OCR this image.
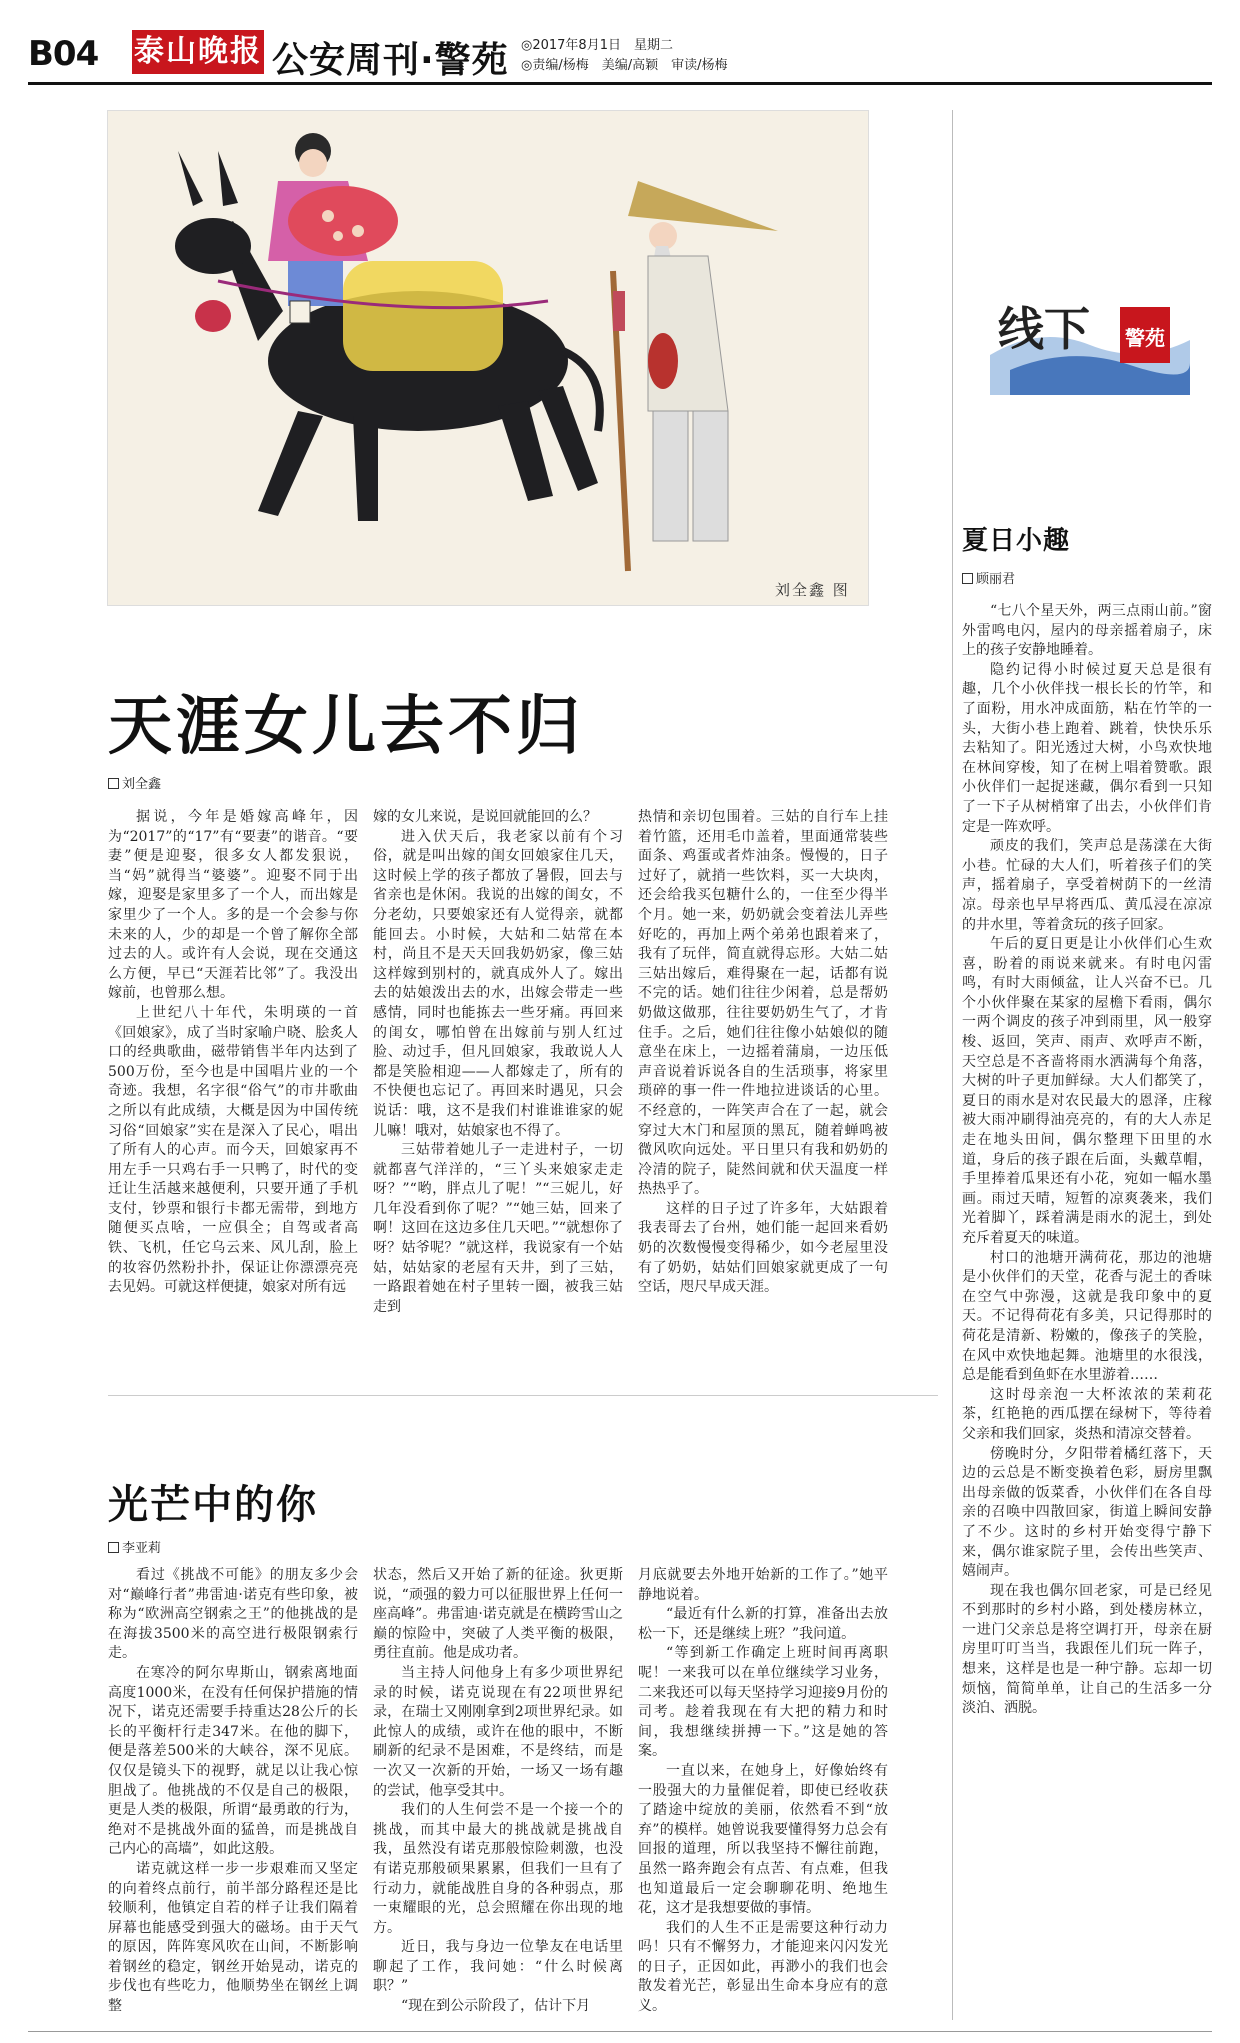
B04 泰山晚报 公安周刊·警苑 ◎2017年8月1日　星期二
◎责编/杨梅　美编/高颖　审读/杨梅
刘全鑫 图
天涯女儿去不归
刘全鑫

据说，今年是婚嫁高峰年，因为“2017”的“17”有“要妻”的谐音。“要妻”便是迎娶，很多女人都发狠说，当“妈”就得当“婆婆”。迎娶不同于出嫁，迎娶是家里多了一个人，而出嫁是家里少了一个人。多的是一个会参与你未来的人，少的却是一个曾了解你全部过去的人。或许有人会说，现在交通这么方便，早已“天涯若比邻”了。我没出嫁前，也曾那么想。

上世纪八十年代，朱明瑛的一首《回娘家》，成了当时家喻户晓、脍炙人口的经典歌曲，磁带销售半年内达到了500万份，至今也是中国唱片业的一个奇迹。我想，名字很“俗气”的市井歌曲之所以有此成绩，大概是因为中国传统习俗“回娘家”实在是深入了民心，唱出了所有人的心声。而今天，回娘家再不用左手一只鸡右手一只鸭了，时代的变迁让生活越来越便利，只要开通了手机支付，钞票和银行卡都无需带，到地方随便买点啥，一应俱全；自驾或者高铁、飞机，任它乌云来、风儿刮，脸上的妆容仍然粉扑扑，保证让你漂漂亮亮去见妈。可就这样便捷，娘家对所有远

嫁的女儿来说，是说回就能回的么？

进入伏天后，我老家以前有个习俗，就是叫出嫁的闺女回娘家住几天，这时候上学的孩子都放了暑假，回去与省亲也是休闲。我说的出嫁的闺女，不分老幼，只要娘家还有人觉得亲，就都能回去。小时候，大姑和二姑常在本村，尚且不是天天回我奶奶家，像三姑这样嫁到别村的，就真成外人了。嫁出去的姑娘泼出去的水，出嫁会带走一些感情，同时也能拣去一些牙痛。再回来的闺女，哪怕曾在出嫁前与别人红过脸、动过手，但凡回娘家，我敢说人人都是笑脸相迎——人都嫁走了，所有的不快便也忘记了。再回来时遇见，只会说话：哦，这不是我们村谁谁谁家的妮儿嘛！哦对，姑娘家也不得了。

三姑带着她儿子一走进村子，一切就都喜气洋洋的，“三丫头来娘家走走呀？”“哟，胖点儿了呢！”“三妮儿，好几年没看到你了呢？”“她三姑，回来了啊！这回在这边多住几天吧。”“就想你了呀？姑爷呢？”就这样，我说家有一个姑姑，姑姑家的老屋有天井，到了三姑，一路跟着她在村子里转一圈，被我三姑走到

热情和亲切包围着。三姑的自行车上挂着竹篮，还用毛巾盖着，里面通常装些面条、鸡蛋或者炸油条。慢慢的，日子过好了，就捎一些饮料，买一大块肉，还会给我买包糖什么的，一住至少得半个月。她一来，奶奶就会变着法儿弄些好吃的，再加上两个弟弟也跟着来了，我有了玩伴，简直就得忘形。大姑二姑三姑出嫁后，难得聚在一起，话都有说不完的话。她们往往少闲着，总是帮奶奶做这做那，往往要奶奶生气了，才肯住手。之后，她们往往像小姑娘似的随意坐在床上，一边摇着蒲扇，一边压低声音说着诉说各自的生活琐事，将家里琐碎的事一件一件地拉进谈话的心里。不经意的，一阵笑声合在了一起，就会穿过大木门和屋顶的黑瓦，随着蝉鸣被微风吹向远处。平日里只有我和奶奶的冷清的院子，陡然间就和伏天温度一样热热乎了。

这样的日子过了许多年，大姑跟着我表哥去了台州，她们能一起回来看奶奶的次数慢慢变得稀少，如今老屋里没有了奶奶，姑姑们回娘家就更成了一句空话，咫尺早成天涯。

光芒中的你
李亚莉

看过《挑战不可能》的朋友多少会对“巅峰行者”弗雷迪·诺克有些印象，被称为“欧洲高空钢索之王”的他挑战的是在海拔3500米的高空进行极限钢索行走。

在寒冷的阿尔卑斯山，钢索离地面高度1000米，在没有任何保护措施的情况下，诺克还需要手持重达28公斤的长长的平衡杆行走347米。在他的脚下，便是落差500米的大峡谷，深不见底。仅仅是镜头下的视野，就足以让我心惊胆战了。他挑战的不仅是自己的极限，更是人类的极限，所谓“最勇敢的行为，绝对不是挑战外面的猛兽，而是挑战自己内心的高墙”，如此这般。

诺克就这样一步一步艰难而又坚定的向着终点前行，前半部分路程还是比较顺利，他镇定自若的样子让我们隔着屏幕也能感受到强大的磁场。由于天气的原因，阵阵寒风吹在山间，不断影响着钢丝的稳定，钢丝开始晃动，诺克的步伐也有些吃力，他顺势坐在钢丝上调整

状态，然后又开始了新的征途。狄更斯说，“顽强的毅力可以征服世界上任何一座高峰”。弗雷迪·诺克就是在横跨雪山之巅的惊险中，突破了人类平衡的极限，勇往直前。他是成功者。

当主持人问他身上有多少项世界纪录的时候，诺克说现在有22项世界纪录，在瑞士又刚刚拿到2项世界纪录。如此惊人的成绩，或许在他的眼中，不断刷新的纪录不是困难，不是终结，而是一次又一次新的开始，一场又一场有趣的尝试，他享受其中。

我们的人生何尝不是一个接一个的挑战，而其中最大的挑战就是挑战自我，虽然没有诺克那般惊险刺激，也没有诺克那般硕果累累，但我们一旦有了行动力，就能战胜自身的各种弱点，那一束耀眼的光，总会照耀在你出现的地方。

近日，我与身边一位挚友在电话里聊起了工作，我问她：“什么时候离职？”

“现在到公示阶段了，估计下月

月底就要去外地开始新的工作了。”她平静地说着。

“最近有什么新的打算，准备出去放松一下，还是继续上班？”我问道。

“等到新工作确定上班时间再离职呢！一来我可以在单位继续学习业务，二来我还可以每天坚持学习迎接9月份的司考。趁着我现在有大把的精力和时间，我想继续拼搏一下。”这是她的答案。

一直以来，在她身上，好像始终有一股强大的力量催促着，即使已经收获了踏途中绽放的美丽，依然看不到“放弃”的模样。她曾说我要懂得努力总会有回报的道理，所以我坚持不懈往前跑，虽然一路奔跑会有点苦、有点难，但我也知道最后一定会聊聊花明、绝地生花，这才是我想要做的事情。

我们的人生不正是需要这种行动力吗！只有不懈努力，才能迎来闪闪发光的日子，正因如此，再渺小的我们也会散发着光芒，彰显出生命本身应有的意义。

线下 警苑
夏日小趣
顾丽君

“七八个星天外，两三点雨山前。”窗外雷鸣电闪，屋内的母亲摇着扇子，床上的孩子安静地睡着。

隐约记得小时候过夏天总是很有趣，几个小伙伴找一根长长的竹竿，和了面粉，用水冲成面筋，粘在竹竿的一头，大街小巷上跑着、跳着，快快乐乐去粘知了。阳光透过大树，小鸟欢快地在林间穿梭，知了在树上唱着赞歌。跟小伙伴们一起捉迷藏，偶尔看到一只知了一下子从树梢窜了出去，小伙伴们肯定是一阵欢呼。

顽皮的我们，笑声总是荡漾在大街小巷。忙碌的大人们，听着孩子们的笑声，摇着扇子，享受着树荫下的一丝清凉。母亲也早早将西瓜、黄瓜浸在凉凉的井水里，等着贪玩的孩子回家。

午后的夏日更是让小伙伴们心生欢喜，盼着的雨说来就来。有时电闪雷鸣，有时大雨倾盆，让人兴奋不已。几个小伙伴聚在某家的屋檐下看雨，偶尔一两个调皮的孩子冲到雨里，风一般穿梭、返回，笑声、雨声、欢呼声不断，天空总是不吝啬将雨水洒满每个角落，大树的叶子更加鲜绿。大人们都笑了，夏日的雨水是对农民最大的恩泽，庄稼被大雨冲刷得油亮亮的，有的大人赤足走在地头田间，偶尔整理下田里的水道，身后的孩子跟在后面，头戴草帽，手里捧着瓜果还有小花，宛如一幅水墨画。雨过天晴，短暂的凉爽袭来，我们光着脚丫，踩着满是雨水的泥土，到处充斥着夏天的味道。

村口的池塘开满荷花，那边的池塘是小伙伴们的天堂，花香与泥土的香味在空气中弥漫，这就是我印象中的夏天。不记得荷花有多美，只记得那时的荷花是清新、粉嫩的，像孩子的笑脸，在风中欢快地起舞。池塘里的水很浅，总是能看到鱼虾在水里游着……

这时母亲泡一大杯浓浓的茉莉花茶，红艳艳的西瓜摆在绿树下，等待着父亲和我们回家，炎热和清凉交替着。

傍晚时分，夕阳带着橘红落下，天边的云总是不断变换着色彩，厨房里飘出母亲做的饭菜香，小伙伴们在各自母亲的召唤中四散回家，街道上瞬间安静了不少。这时的乡村开始变得宁静下来，偶尔谁家院子里，会传出些笑声、嬉闹声。

现在我也偶尔回老家，可是已经见不到那时的乡村小路，到处楼房林立，一进门父亲总是将空调打开，母亲在厨房里叮叮当当，我跟侄儿们玩一阵子，想来，这样是也是一种宁静。忘却一切烦恼，简简单单，让自己的生活多一分淡泊、洒脱。
